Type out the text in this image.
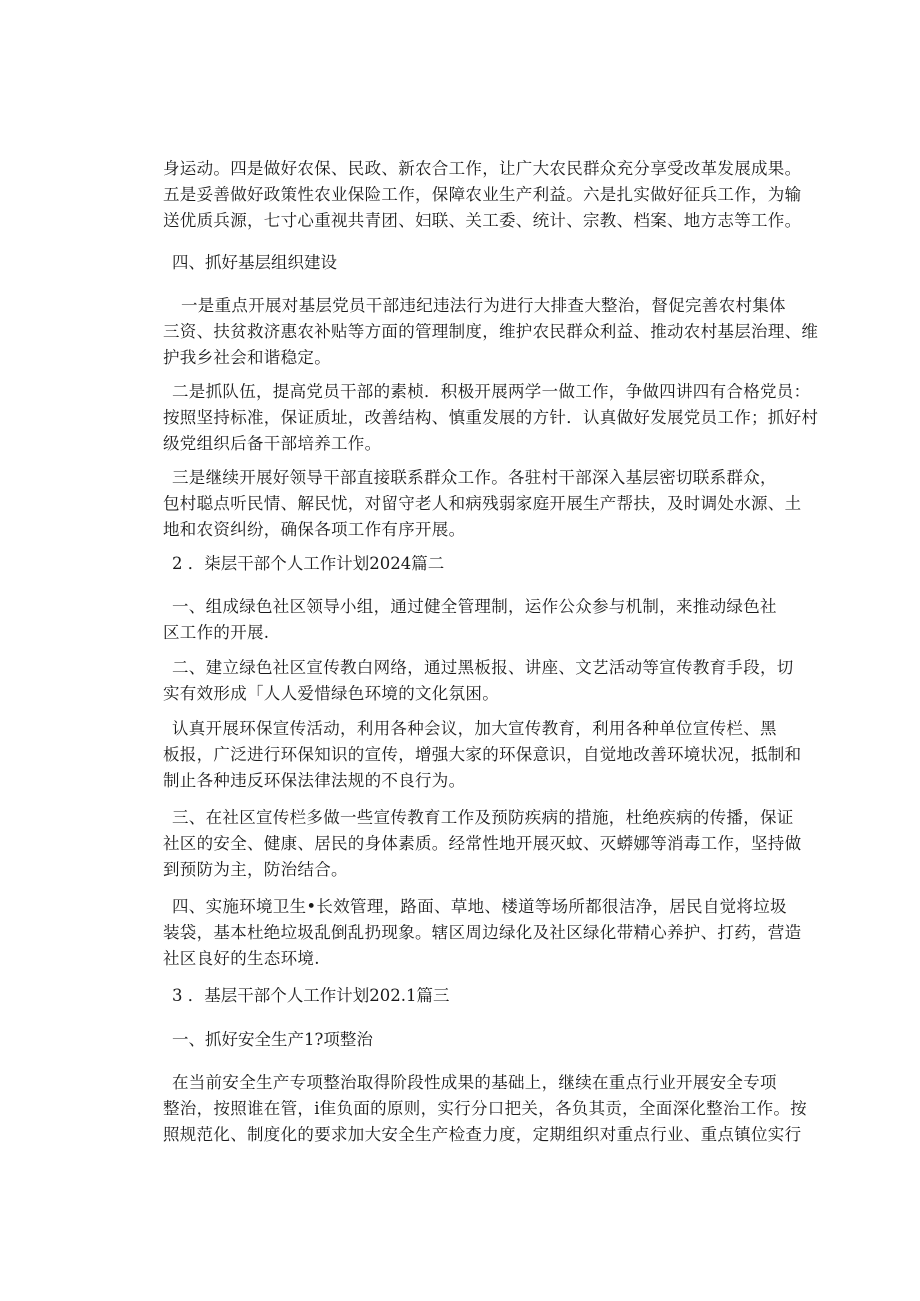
身运动。四是做好农保、民政、新农合工作，让广大农民群众充分享受改革发展成果。
五是妥善做好政策性农业保险工作，保障农业生产利益。六是扎实做好征兵工作，为输
送优质兵源，七寸心重视共青团、妇联、关工委、统计、宗教、档案、地方志等工作。

四、抓好基层组织建设

一是重点开展对基层党员干部违纪违法行为进行大排查大整治，督促完善农村集体
三资、扶贫救济惠农补贴等方面的管理制度，维护农民群众利益、推动农村基层治理、维
护我乡社会和谐稳定。

二是抓队伍，提高党员干部的素桢．积极开展两学一做工作，争做四讲四有合格党员：
按照坚持标准，保证质址，改善结构、慎重发展的方针．认真做好发展党员工作；抓好村
级党组织后备干部培养工作。

三是继续开展好领导干部直接联系群众工作。各驻村干部深入基层密切联系群众，
包村聪点听民情、解民忧，对留守老人和病残弱家庭开展生产帮扶，及时调处水源、土
地和农资纠纷，确保各项工作有序开展。

2 ．柒层干部个人工作计划2024篇二

一、组成绿色社区领导小组，通过健全管理制，运作公众参与机制，来推动绿色社
区工作的开展.

二、建立绿色社区宣传教白网络，通过黑板报、讲座、文艺活动等宣传教育手段，切
实有效形成「人人爱惜绿色环境的文化氛困。

认真开展环保宣传活动，利用各种会议，加大宣传教育，利用各种单位宣传栏、黑
板报，广泛进行环保知识的宣传，增强大家的环保意识，自觉地改善环境状况，抵制和
制止各种违反环保法律法规的不良行为。

三、在社区宣传栏多做一些宣传教育工作及预防疾病的措施，杜绝疾病的传播，保证
社区的安全、健康、居民的身体素质。经常性地开展灭蚊、灭蟒娜等消毒工作，坚持做
到预防为主，防治结合。

四、实施环境卫生•长效管理，路面、草地、楼道等场所都很洁净，居民自觉将垃圾
装袋，基本杜绝垃圾乱倒乱扔现象。辖区周边绿化及社区绿化带精心养护、打药，营造
社区良好的生态环境.

3 ．基层干部个人工作计划202.1篇三

一、抓好安全生产1?项整治

在当前安全生产专项整治取得阶段性成果的基础上，继续在重点行业开展安全专项
整治，按照谁在管，i隹负面的原则，实行分口把关，各负其贡，全面深化整治工作。按
照规范化、制度化的要求加大安全生产检查力度，定期组织对重点行业、重点镇位实行
